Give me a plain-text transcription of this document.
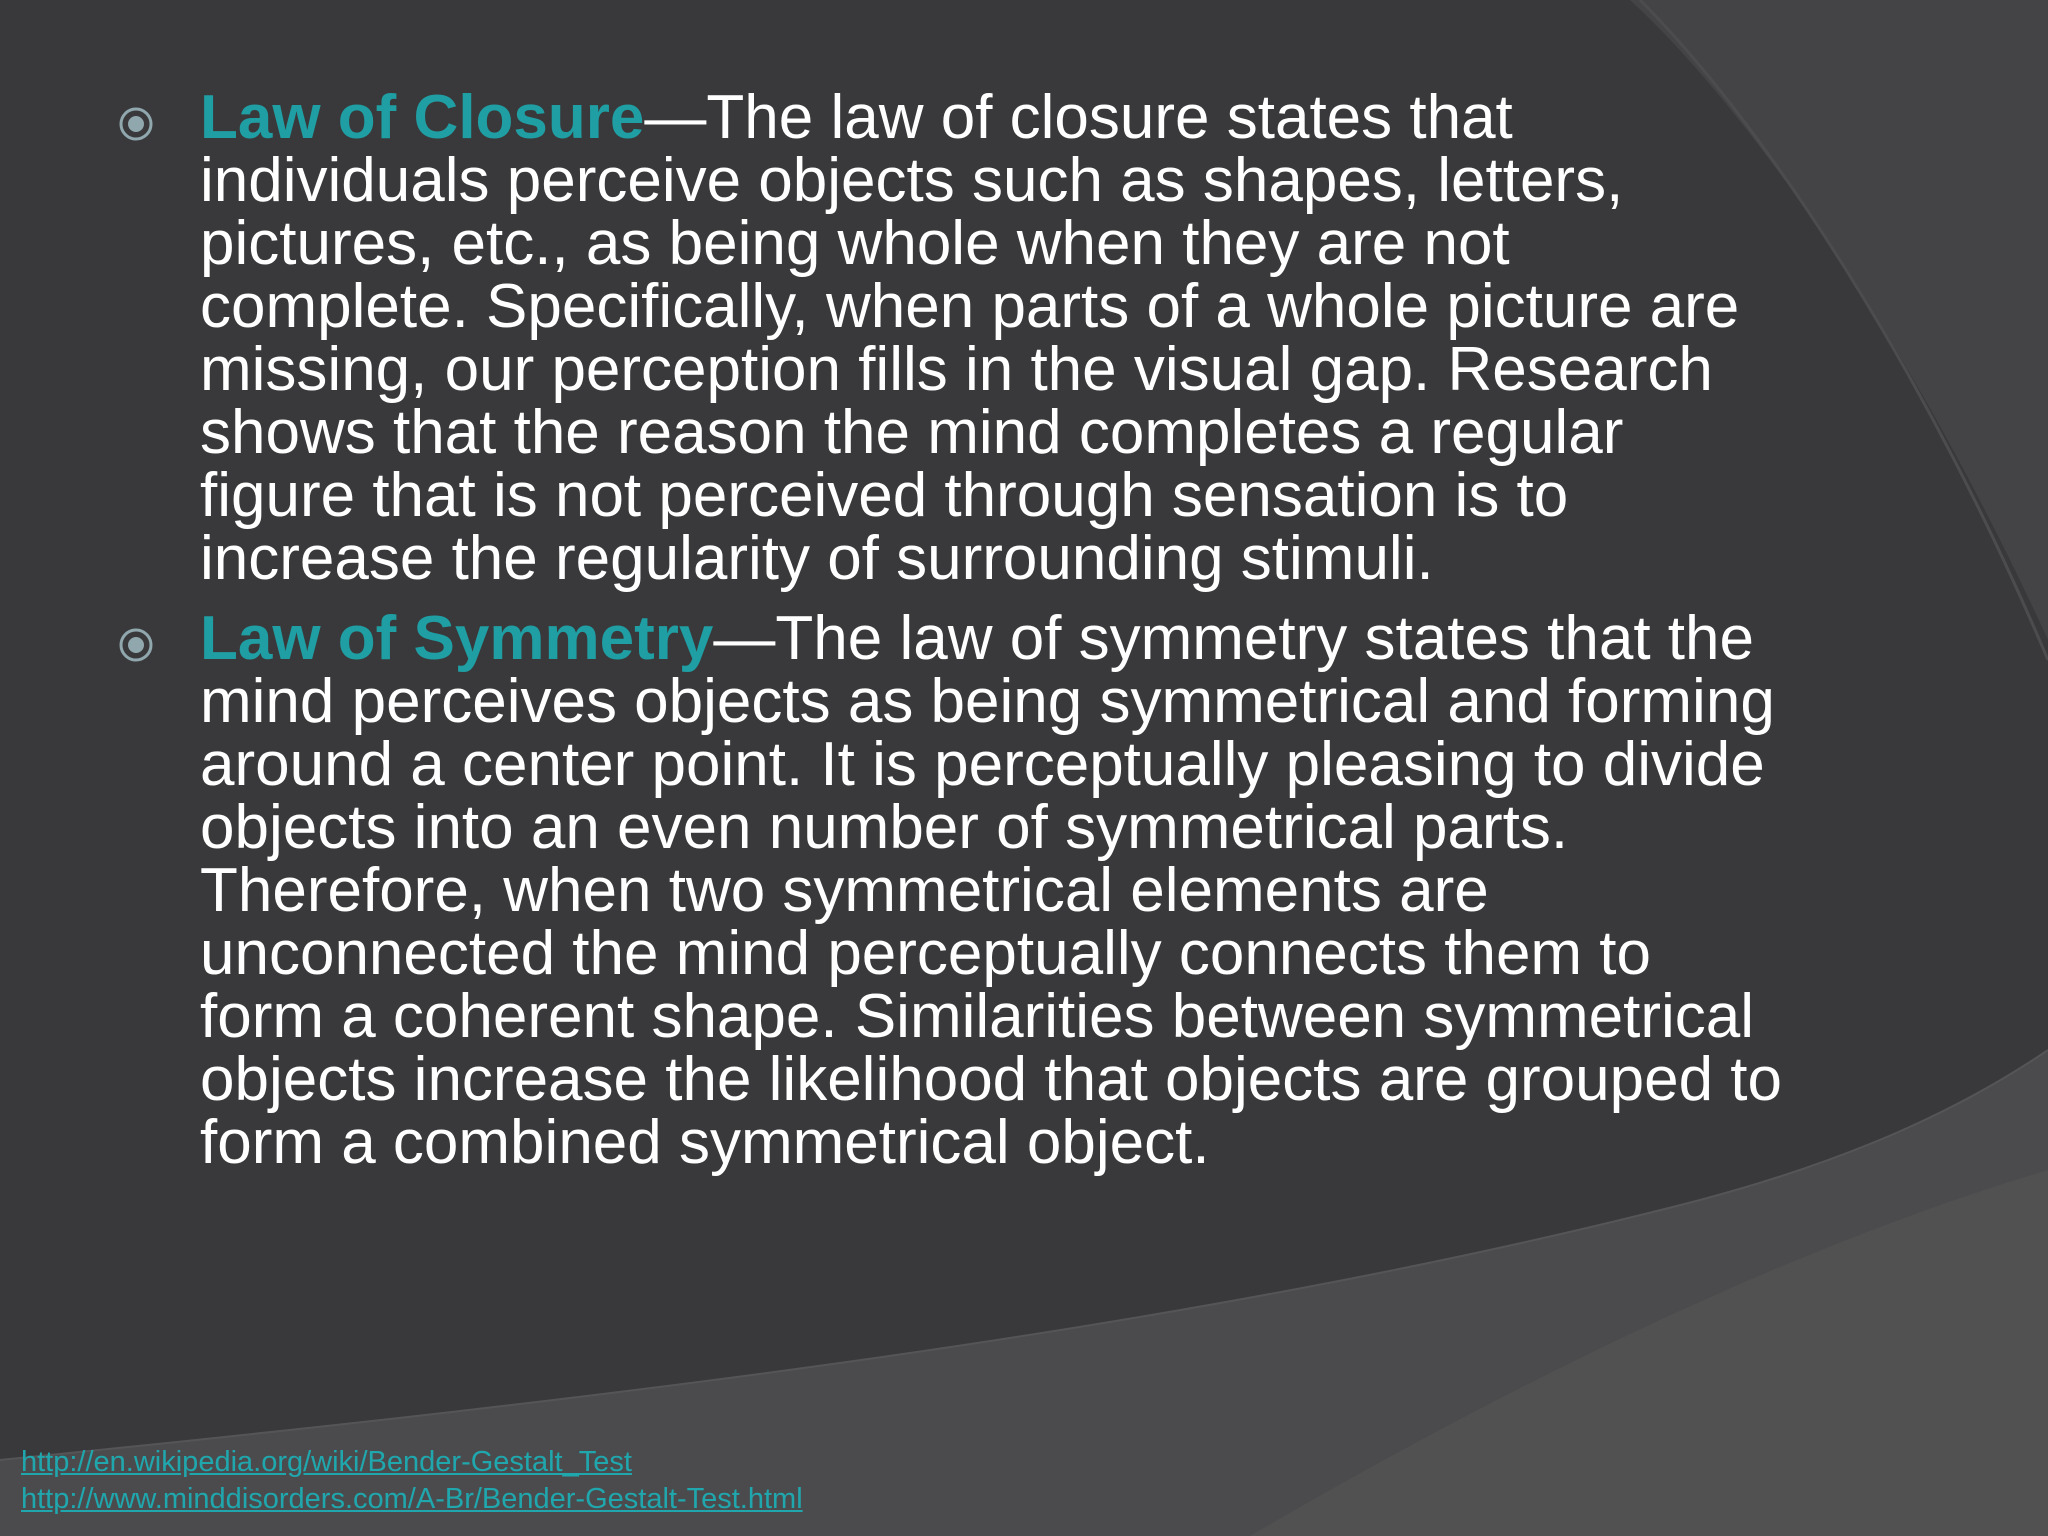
Law of Closure—The law of closure states that individuals perceive objects such as shapes, letters, pictures, etc., as being whole when they are not complete. Specifically, when parts of a whole picture are missing, our perception fills in the visual gap. Research shows that the reason the mind completes a regular figure that is not perceived through sensation is to increase the regularity of surrounding stimuli.
Law of Symmetry—The law of symmetry states that the mind perceives objects as being symmetrical and forming around a center point. It is perceptually pleasing to divide objects into an even number of symmetrical parts. Therefore, when two symmetrical elements are unconnected the mind perceptually connects them to form a coherent shape. Similarities between symmetrical objects increase the likelihood that objects are grouped to form a combined symmetrical object.
http://en.wikipedia.org/wiki/Bender-Gestalt_Test
http://www.minddisorders.com/A-Br/Bender-Gestalt-Test.html
